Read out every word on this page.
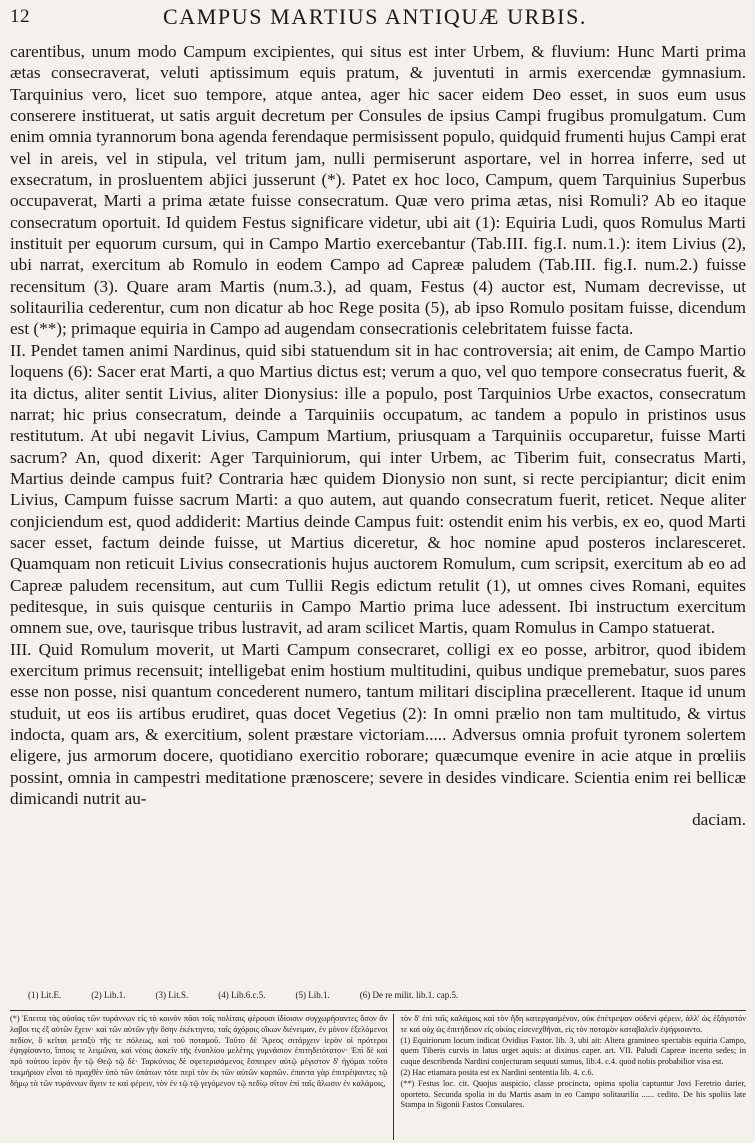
12	CAMPUS MARTIUS ANTIQUÆ URBIS.

carentibus, unum modo Campum excipientes, qui situs est inter Urbem, & fluvium: Hunc Marti prima ætas consecraverat, veluti aptissimum equis pratum, & juventuti in armis exercendæ gymnasium. Tarquinius vero, licet suo tempore, atque antea, ager hic sacer eidem Deo esset, in suos eum usus conserere instituerat, ut satis arguit decretum per Consules de ipsius Campi frugibus promulgatum. Cum enim omnia tyrannorum bona agenda ferendaque permisissent populo, quidquid frumenti hujus Campi erat vel in areis, vel in stipula, vel tritum jam, nulli permiserunt asportare, vel in horrea inferre, sed ut exsecratum, in prosluentem abjici jusserunt (*). Patet ex hoc loco, Campum, quem Tarquinius Superbus occupaverat, Marti a prima ætate fuisse consecratum. Quæ vero prima ætas, nisi Romuli? Ab eo itaque consecratum oportuit. Id quidem Festus significare videtur, ubi ait (1): Equiria Ludi, quos Romulus Marti instituit per equorum cursum, qui in Campo Martio exercebantur (Tab.III. fig.I. num.1.): item Livius (2), ubi narrat, exercitum ab Romulo in eodem Campo ad Capreæ paludem (Tab.III. fig.I. num.2.) fuisse recensitum (3). Quare aram Martis (num.3.), ad quam, Festus (4) auctor est, Numam decrevisse, ut solitaurilia cederentur, cum non dicatur ab hoc Rege posita (5), ab ipso Romulo positam fuisse, dicendum est (**); primaque equiria in Campo ad augendam consecrationis celebritatem fuisse facta.

II. Pendet tamen animi Nardinus, quid sibi statuendum sit in hac controversia; ait enim, de Campo Martio loquens (6): Sacer erat Marti, a quo Martius dictus est; verum a quo, vel quo tempore consecratus fuerit, & ita dictus, aliter sentit Livius, aliter Dionysius: ille a populo, post Tarquinios Urbe exactos, consecratum narrat; hic prius consecratum, deinde a Tarquiniis occupatum, ac tandem a populo in pristinos usus restitutum. At ubi negavit Livius, Campum Martium, priusquam a Tarquiniis occuparetur, fuisse Marti sacrum? An, quod dixerit: Ager Tarquiniorum, qui inter Urbem, ac Tiberim fuit, consecratus Marti, Martius deinde campus fuit? Contraria hæc quidem Dionysio non sunt, si recte percipiantur; dicit enim Livius, Campum fuisse sacrum Marti: a quo autem, aut quando consecratum fuerit, reticet. Neque aliter conjiciendum est, quod addiderit: Martius deinde Campus fuit: ostendit enim his verbis, ex eo, quod Marti sacer esset, factum deinde fuisse, ut Martius diceretur, & hoc nomine apud posteros inclaresceret. Quamquam non reticuit Livius consecrationis hujus auctorem Romulum, cum scripsit, exercitum ab eo ad Capreæ paludem recensitum, aut cum Tullii Regis edictum retulit (1), ut omnes cives Romani, equites peditesque, in suis quisque centuriis in Campo Martio prima luce adessent. Ibi instructum exercitum omnem sue, ove, taurisque tribus lustravit, ad aram scilicet Martis, quam Romulus in Campo statuerat.

III. Quid Romulum moverit, ut Marti Campum consecraret, colligi ex eo posse, arbitror, quod ibidem exercitum primus recensuit; intelligebat enim hostium multitudini, quibus undique premebatur, suos pares esse non posse, nisi quantum concederent numero, tantum militari disciplina præcellerent. Itaque id unum studuit, ut eos iis artibus erudiret, quas docet Vegetius (2): In omni prælio non tam multitudo, & virtus indocta, quam ars, & exercitium, solent præstare victoriam..... Adversus omnia profuit tyronem solertem eligere, jus armorum docere, quotidiano exercitio roborare; quæcumque evenire in acie atque in prœliis possint, omnia in campestri meditatione prænoscere; severe in desides vindicare. Scientia enim rei bellicæ dimicandi nutrit au-

daciam.
(1) Lit.E.	(2) Lib.1.	(3) Lit.S.	(4) Lib.6.c.5.	(5) Lib.1.	(6) De re milit. lib.1. cap.5.
(*) Ἐπειτα τὰς οὐσίας τῶν τυράννων εἰς τὸ κοινὸν πᾶσι τοῖς πολίταις φέρουσι ἰδίοισιν συγχωρήσαντες ὅσον ἂν λαβοι τις ἐξ αὐτῶν ἔχειν· καὶ τῶν αὐτῶν γῆν ὅσην ἐκέκτηντο, ταῖς ἀχόροις οἴκων διένειμαν, ἐν μόνον ἐξελόμενοι πεδίον, ὃ κεῖται μεταξὺ τῆς τε πόλεως, καὶ τοῦ ποταμοῦ. Τοῦτο δὲ Ἄρεος σιτάρχειν ἱερὸν οἱ πρότεροι ἐψηφίσαντο, ἵπποις τε λειμῶνα, καὶ νέοις ἀσκεῖν τῆς ἐνοπλίου μελέτης γυμνάσιον ἐπιτηδειότατον· Ἐπὶ δὲ καὶ πρὸ τούτου ἱερὸν ἦν τῷ Θεῷ τῷ δέ· Ταρκύνιος δὲ σφετερισάμενος ἔσπειρεν αὐτῷ μέγιστον δ' ἠγόμαι τοῦτο τεκμήριον εἶναι τὸ πραχθὲν ὑπὸ τῶν ὑπάτων τότε περὶ τὸν ἐκ τῶν αὐτῶν καρπῶν. ἐπαντα γὰρ ἐπιτρέψαντες τῷ δήμῳ τὰ τῶν τυράννων ἄγειν τε καὶ φέρειν, τὸν ἐν τῷ τῷ γεγόμενον τῷ πεδίῳ σῖτον ἐπὶ ταῖς ἅλωσιν ἐν καλάμοις,

τὸν δ' ἐπὶ ταῖς καλάμοις καὶ τὸν ἤδη κατεργασμένον, οὐκ ἐπέτρεψαν οὐδενὶ φέρειν, ἀλλ' ὡς ἐξάγιστόν τε καὶ οὐχ ὡς ἐπιτήδειον εἰς οἰκίας εἰσενεχθῆναι, εἰς τὸν ποταμὸν καταβαλεῖν ἐψήφισαντο.

(1) Equiriorum locum indicat Ovidius Fastor. lib. 3, ubi ait: Altera gramineo spectabis equiria Campo, quem Tiberis curvis in latus urget aquis: at dixinus caper. art. VII. Paludi Capreæ incerto sedes; in cuque describenda Nardini conjecturam sequuti sumus, lib.4. c.4. quod nobis probabilior visa est.

(2) Hac etiamara posita est ex Nardini sententia lib. 4. c.6.

(**) Festus loc. cit. Quojus auspicio, classe procincta, opima spolia captuntur Jovi Feretrio darier, oporteto. Secunda spolia in du Martis asam in eo Campo solitaurilia ...... cedito. De his spoliis late Stampa in Sigonii Fastos Consulares.
